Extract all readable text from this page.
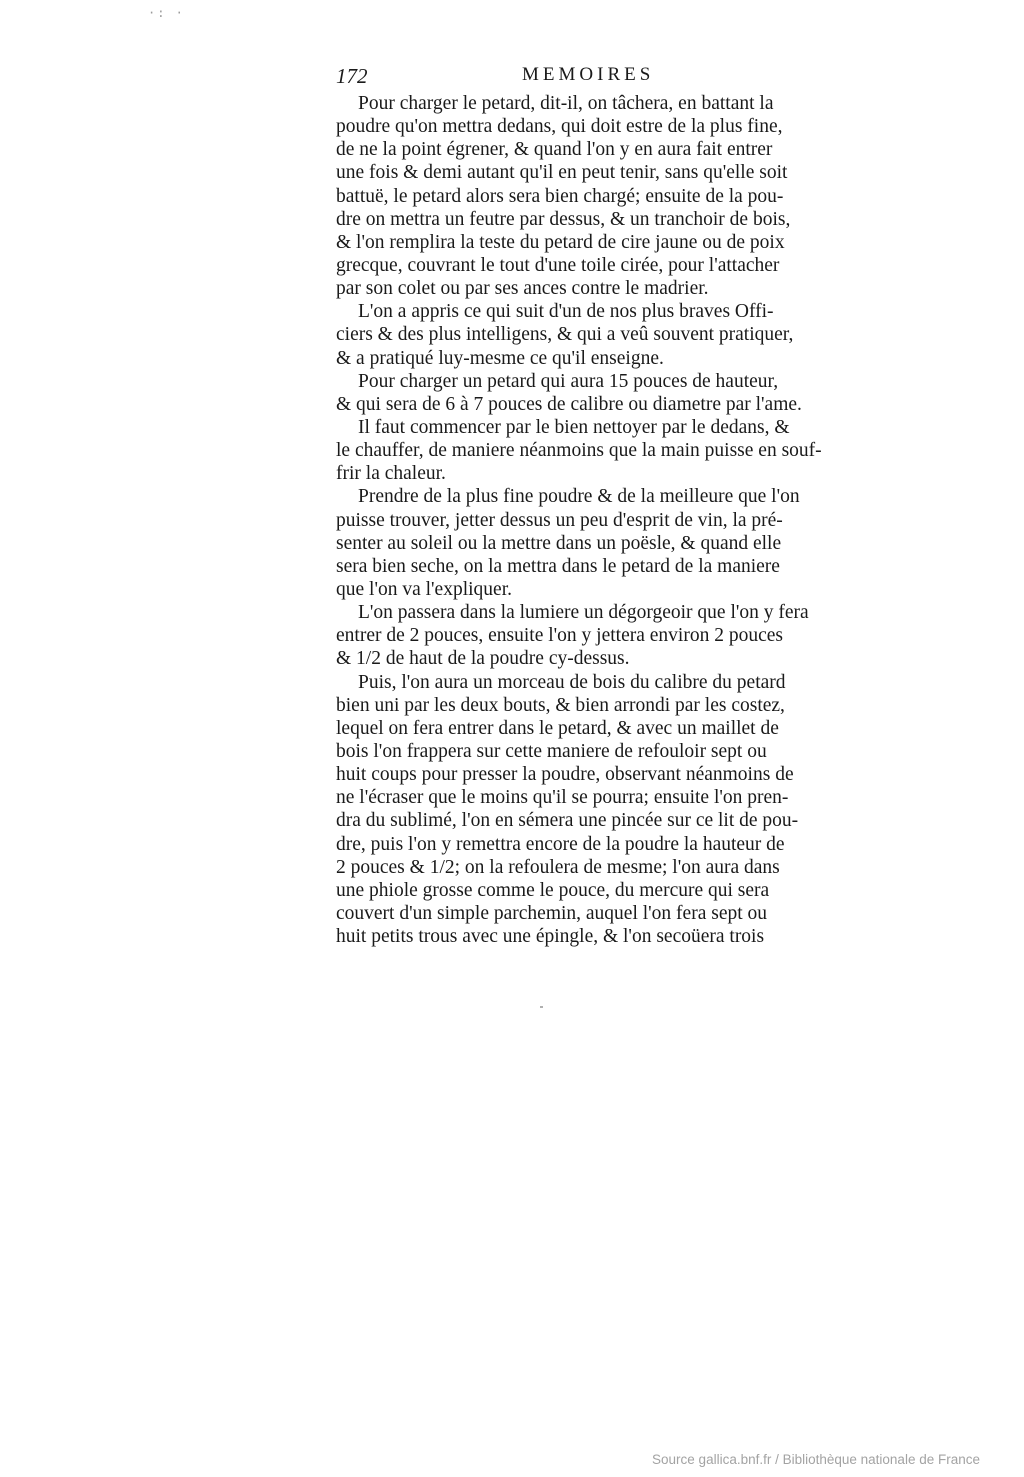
·: ·
172	MEMOIRES
Pour charger le petard, dit-il, on tâchera, en battant la
poudre qu'on mettra dedans, qui doit estre de la plus fine,
de ne la point égrener, & quand l'on y en aura fait entrer
une fois & demi autant qu'il en peut tenir, sans qu'elle soit
battuë, le petard alors sera bien chargé; ensuite de la pou-
dre on mettra un feutre par dessus, & un tranchoir de bois,
& l'on remplira la teste du petard de cire jaune ou de poix
grecque, couvrant le tout d'une toile cirée, pour l'attacher
par son colet ou par ses ances contre le madrier.
L'on a appris ce qui suit d'un de nos plus braves Offi-
ciers & des plus intelligens, & qui a veû souvent pratiquer,
& a pratiqué luy-mesme ce qu'il enseigne.
Pour charger un petard qui aura 15 pouces de hauteur,
& qui sera de 6 à 7 pouces de calibre ou diametre par l'ame.
Il faut commencer par le bien nettoyer par le dedans, &
le chauffer, de maniere néanmoins que la main puisse en souf-
frir la chaleur.
Prendre de la plus fine poudre & de la meilleure que l'on
puisse trouver, jetter dessus un peu d'esprit de vin, la pré-
senter au soleil ou la mettre dans un poësle, & quand elle
sera bien seche, on la mettra dans le petard de la maniere
que l'on va l'expliquer.
L'on passera dans la lumiere un dégorgeoir que l'on y fera
entrer de 2 pouces, ensuite l'on y jettera environ 2 pouces
& 1/2 de haut de la poudre cy-dessus.
Puis, l'on aura un morceau de bois du calibre du petard
bien uni par les deux bouts, & bien arrondi par les costez,
lequel on fera entrer dans le petard, & avec un maillet de
bois l'on frappera sur cette maniere de refouloir sept ou
huit coups pour presser la poudre, observant néanmoins de
ne l'écraser que le moins qu'il se pourra; ensuite l'on pren-
dra du sublimé, l'on en sémera une pincée sur ce lit de pou-
dre, puis l'on y remettra encore de la poudre la hauteur de
2 pouces & 1/2; on la refoulera de mesme; l'on aura dans
une phiole grosse comme le pouce, du mercure qui sera
couvert d'un simple parchemin, auquel l'on fera sept ou
huit petits trous avec une épingle, & l'on secoüera trois
Source gallica.bnf.fr / Bibliothèque nationale de France
